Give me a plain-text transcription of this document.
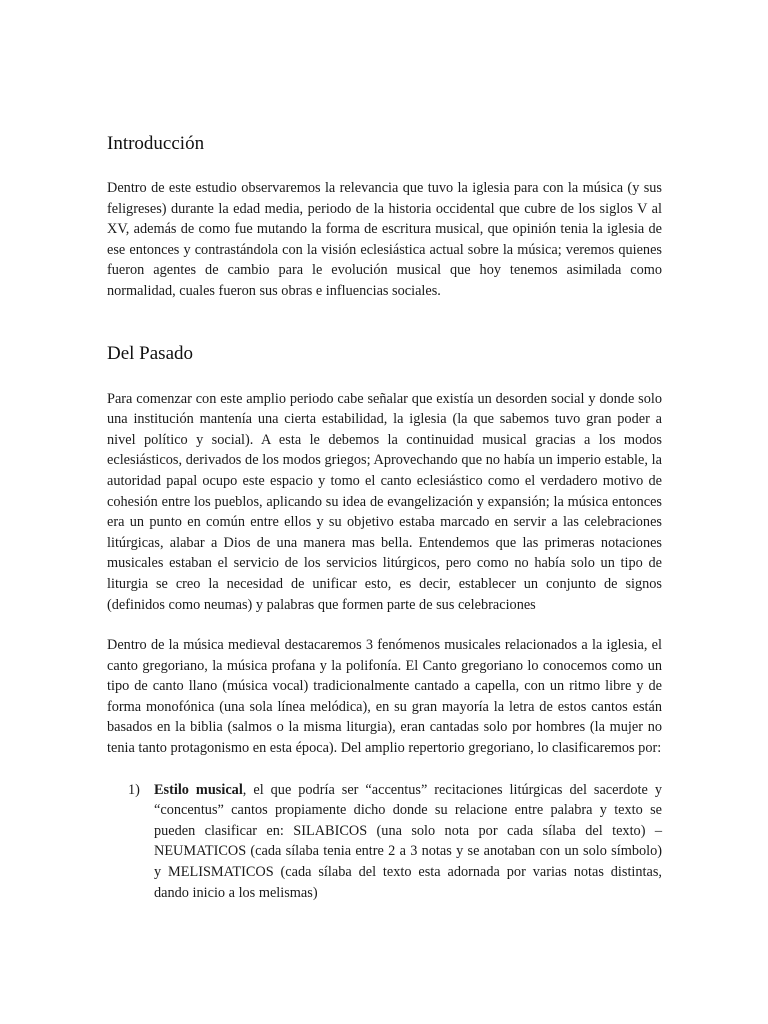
Introducción

Dentro de este estudio observaremos la relevancia que tuvo la iglesia para con la música (y sus feligreses) durante la edad media, periodo de la historia occidental que cubre de los siglos V al XV, además de como fue mutando la forma de escritura musical, que opinión tenia la iglesia de ese entonces y contrastándola con la visión eclesiástica actual sobre la música; veremos quienes fueron agentes de cambio para le evolución musical que hoy tenemos asimilada como normalidad, cuales fueron sus obras e influencias sociales.

Del Pasado

Para comenzar con este amplio periodo cabe señalar que existía un desorden social y donde solo una institución mantenía una cierta estabilidad, la iglesia (la que sabemos tuvo gran poder a nivel político y social). A esta le debemos la continuidad musical gracias a los modos eclesiásticos, derivados de los modos griegos; Aprovechando que no había un imperio estable, la autoridad papal ocupo este espacio y tomo el canto eclesiástico como el verdadero motivo de cohesión entre los pueblos, aplicando su idea de evangelización y expansión; la música entonces era un punto en común entre ellos y su objetivo estaba marcado en servir a las celebraciones litúrgicas, alabar a Dios de una manera mas bella. Entendemos que las primeras notaciones musicales estaban el servicio de los servicios litúrgicos, pero como no había solo un tipo de liturgia se creo la necesidad de unificar esto, es decir, establecer un conjunto de signos (definidos como neumas) y palabras que formen parte de sus celebraciones

Dentro de la música medieval destacaremos 3 fenómenos musicales relacionados a la iglesia, el canto gregoriano, la música profana y la polifonía. El Canto gregoriano lo conocemos como un tipo de canto llano (música vocal) tradicionalmente cantado a capella, con un ritmo libre y de forma monofónica (una sola línea melódica), en su gran mayoría la letra de estos cantos están basados en la biblia (salmos o la misma liturgia), eran cantadas solo por hombres (la mujer no tenia tanto protagonismo en esta época). Del amplio repertorio gregoriano, lo clasificaremos por:

1) Estilo musical, el que podría ser “accentus” recitaciones litúrgicas del sacerdote y “concentus” cantos propiamente dicho donde su relacione entre palabra y texto se pueden clasificar en: SILABICOS (una solo nota por cada sílaba del texto) – NEUMATICOS (cada sílaba tenia entre 2 a 3 notas y se anotaban con un solo símbolo) y MELISMATICOS (cada sílaba del texto esta adornada por varias notas distintas, dando inicio a los melismas)
